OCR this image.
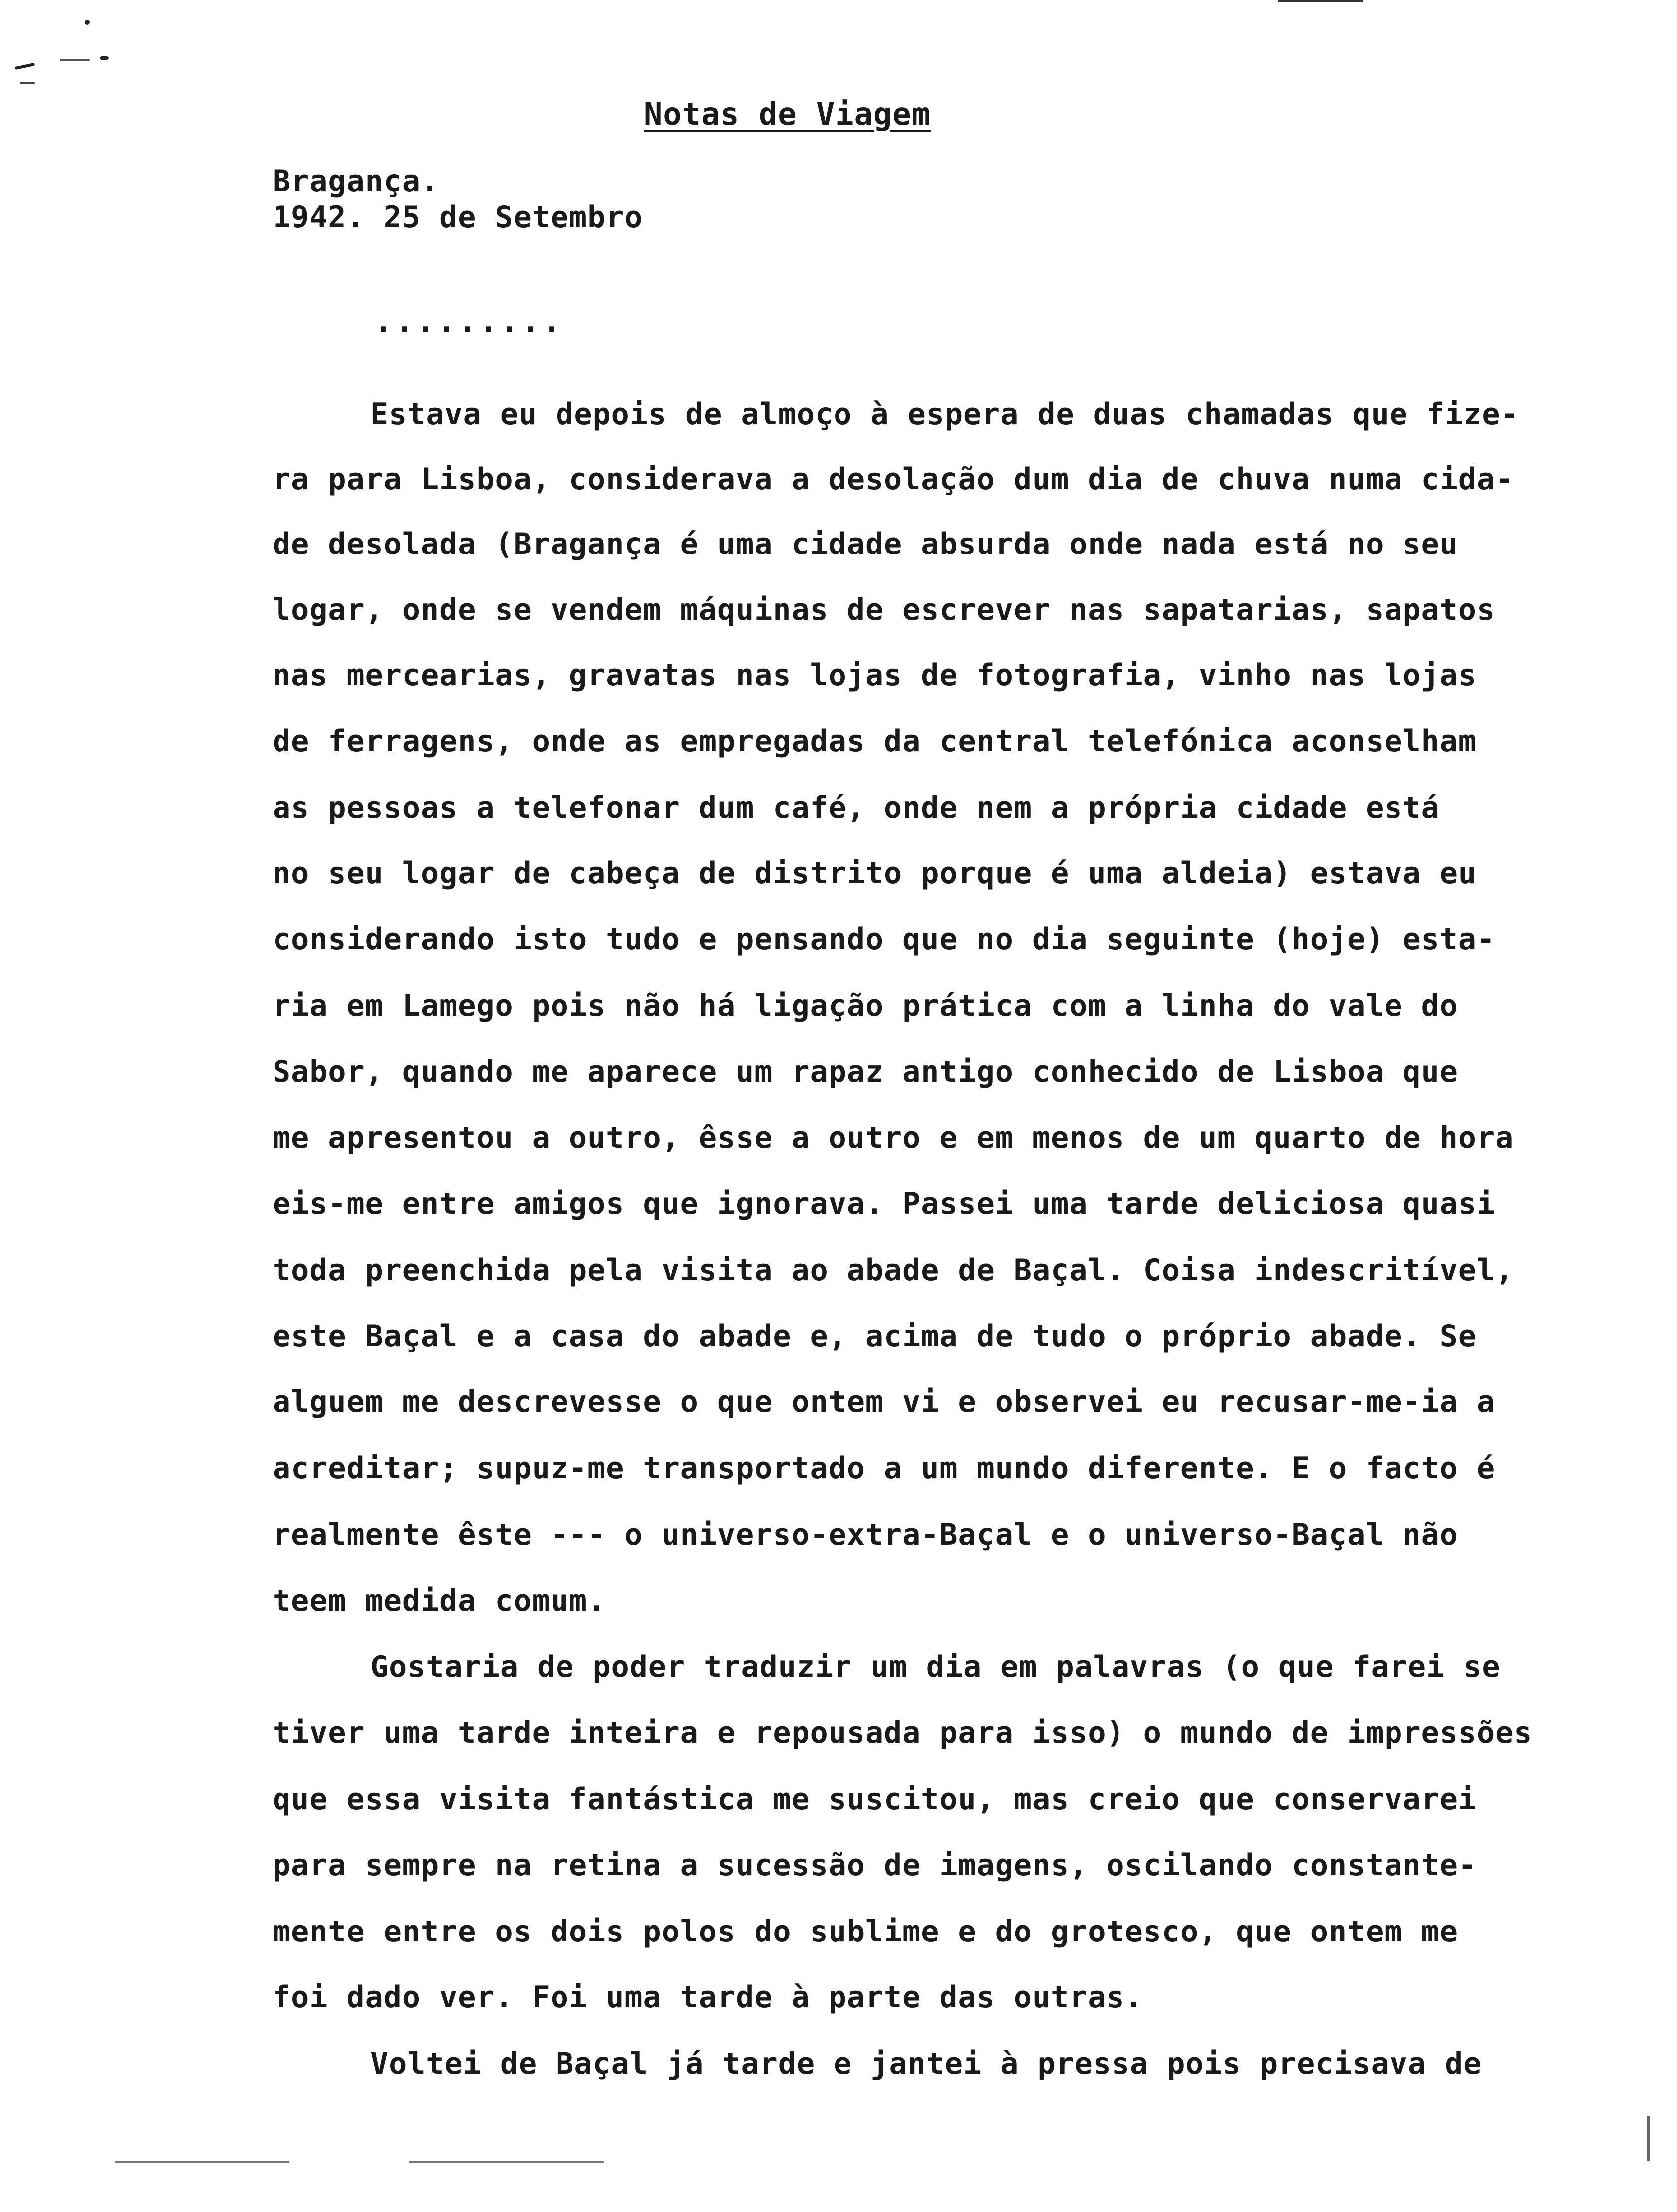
Notas de Viagem
Bragança.
1942. 25 de Setembro
.........
Estava eu depois de almoço à espera de duas chamadas que fize-
ra para Lisboa, considerava a desolação dum dia de chuva numa cida-
de desolada (Bragança é uma cidade absurda onde nada está no seu
logar, onde se vendem máquinas de escrever nas sapatarias, sapatos
nas mercearias, gravatas nas lojas de fotografia, vinho nas lojas
de ferragens, onde as empregadas da central telefónica aconselham
as pessoas a telefonar dum café, onde nem a própria cidade está
no seu logar de cabeça de distrito porque é uma aldeia) estava eu
considerando isto tudo e pensando que no dia seguinte (hoje) esta-
ria em Lamego pois não há ligação prática com a linha do vale do
Sabor, quando me aparece um rapaz antigo conhecido de Lisboa que
me apresentou a outro, êsse a outro e em menos de um quarto de hora
eis-me entre amigos que ignorava. Passei uma tarde deliciosa quasi
toda preenchida pela visita ao abade de Baçal. Coisa indescritível,
este Baçal e a casa do abade e, acima de tudo o próprio abade. Se
alguem me descrevesse o que ontem vi e observei eu recusar-me-ia a
acreditar; supuz-me transportado a um mundo diferente. E o facto é
realmente êste --- o universo-extra-Baçal e o universo-Baçal não
teem medida comum.
Gostaria de poder traduzir um dia em palavras (o que farei se
tiver uma tarde inteira e repousada para isso) o mundo de impressões
que essa visita fantástica me suscitou, mas creio que conservarei
para sempre na retina a sucessão de imagens, oscilando constante-
mente entre os dois polos do sublime e do grotesco, que ontem me
foi dado ver. Foi uma tarde à parte das outras.
Voltei de Baçal já tarde e jantei à pressa pois precisava de
